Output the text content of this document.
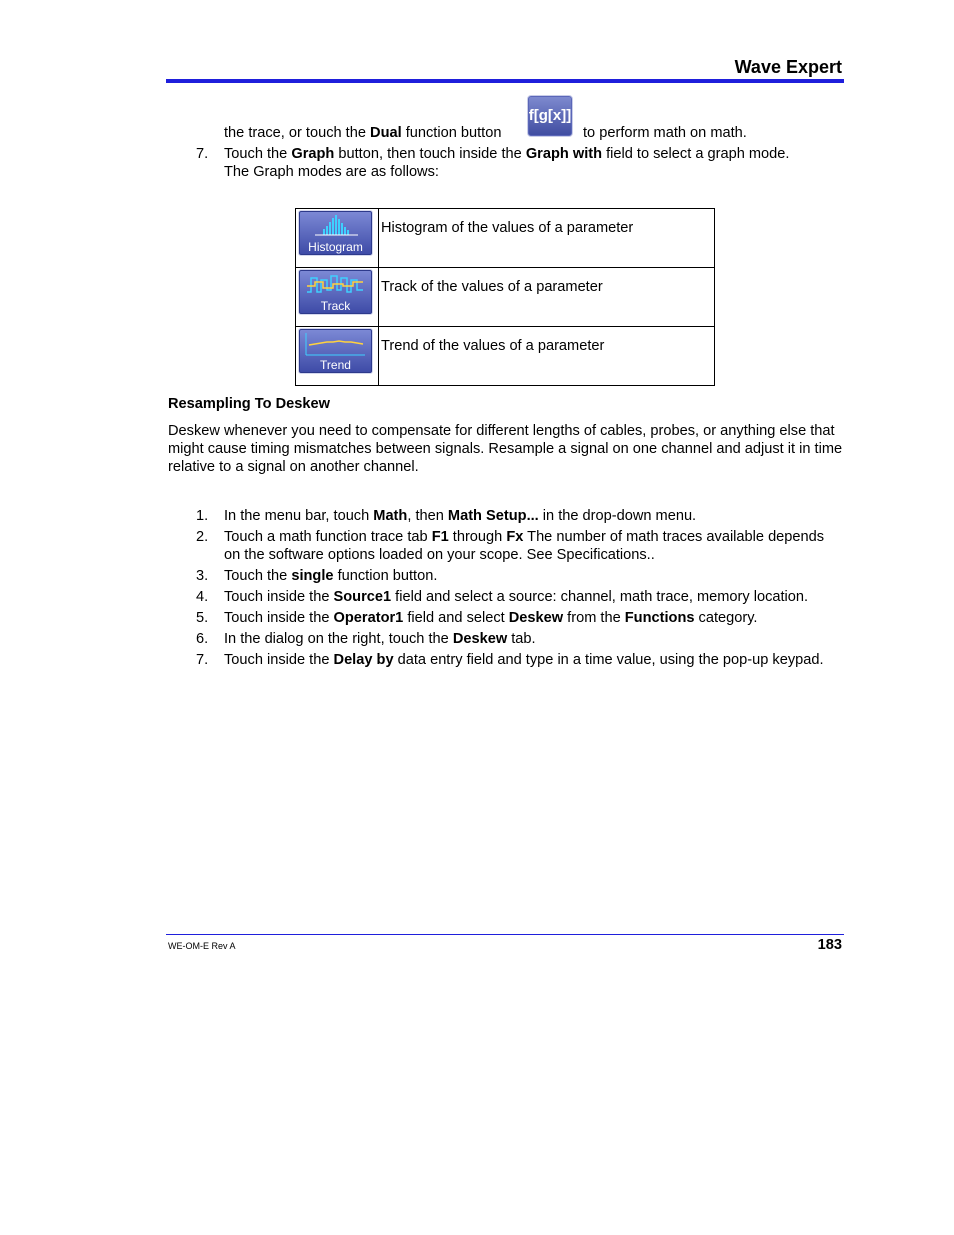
Wave Expert
the trace, or touch the Dual function button
f[g[x]]
to perform math on math.
7.	Touch the Graph button, then touch inside the Graph with field to select a graph mode.
The Graph modes are as follows:
Histogram	Histogram of the values of a parameter

Track	Track of the values of a parameter

Trend	Trend of the values of a parameter
Resampling To Deskew
Deskew whenever you need to compensate for different lengths of cables, probes, or anything else that might cause timing mismatches between signals. Resample a signal on one channel and adjust it in time relative to a signal on another channel.
1.	In the menu bar, touch Math, then Math Setup... in the drop-down menu.
2.	Touch a math function trace tab F1 through Fx The number of math traces available depends on the software options loaded on your scope. See Specifications..
3.	Touch the single function button.
4.	Touch inside the Source1 field and select a source: channel, math trace, memory location.
5.	Touch inside the Operator1 field and select Deskew from the Functions category.
6.	In the dialog on the right, touch the Deskew tab.
7.	Touch inside the Delay by data entry field and type in a time value, using the pop-up keypad.
WE-OM-E Rev A	183
